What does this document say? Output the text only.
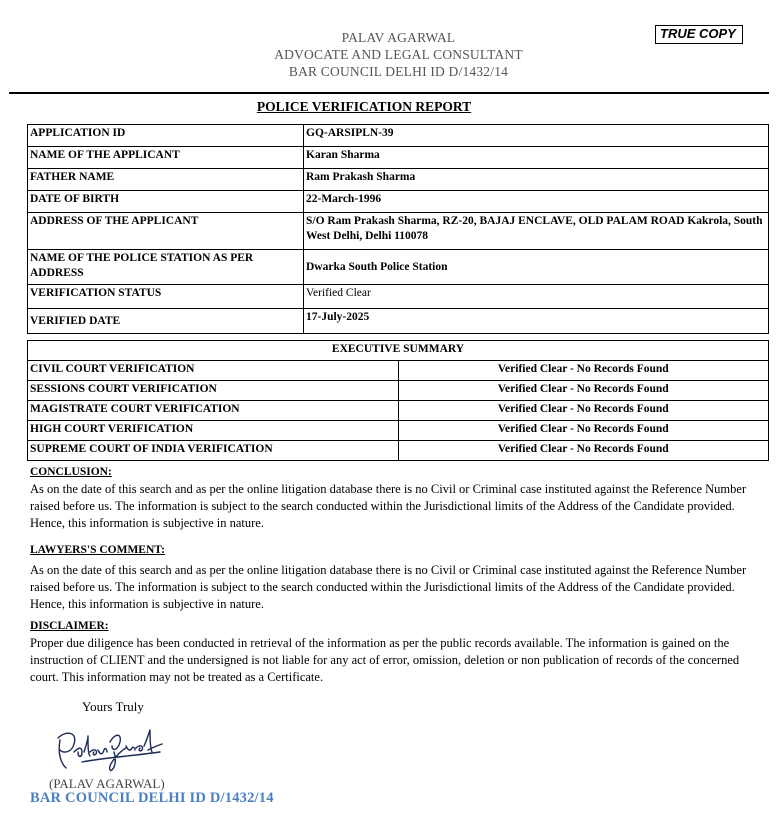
PALAV AGARWAL
ADVOCATE AND LEGAL CONSULTANT
BAR COUNCIL DELHI ID D/1432/14
TRUE COPY
POLICE VERIFICATION REPORT
APPLICATION ID	GQ-ARSIPLN-39
NAME OF THE APPLICANT	Karan Sharma
FATHER NAME	Ram Prakash Sharma
DATE OF BIRTH	22-March-1996
ADDRESS OF THE APPLICANT	S/O Ram Prakash Sharma, RZ-20, BAJAJ ENCLAVE, OLD PALAM ROAD Kakrola, South West Delhi, Delhi 110078
NAME OF THE POLICE STATION AS PER ADDRESS	Dwarka South Police Station
VERIFICATION STATUS	Verified Clear
VERIFIED DATE	17-July-2025
EXECUTIVE SUMMARY	
CIVIL COURT VERIFICATION	Verified Clear - No Records Found
SESSIONS COURT VERIFICATION	Verified Clear - No Records Found
MAGISTRATE COURT VERIFICATION	Verified Clear - No Records Found
HIGH COURT VERIFICATION	Verified Clear - No Records Found
SUPREME COURT OF INDIA VERIFICATION	Verified Clear - No Records Found
CONCLUSION:

As on the date of this search and as per the online litigation database there is no Civil or Criminal case instituted against the Reference Number raised before us. The information is subject to the search conducted within the Jurisdictional limits of the Address of the Candidate provided. Hence, this information is subjective in nature.

LAWYERS'S COMMENT:

As on the date of this search and as per the online litigation database there is no Civil or Criminal case instituted against the Reference Number raised before us. The information is subject to the search conducted within the Jurisdictional limits of the Address of the Candidate provided. Hence, this information is subjective in nature.

DISCLAIMER:

Proper due diligence has been conducted in retrieval of the information as per the public records available. The information is gained on the instruction of CLIENT and the undersigned is not liable for any act of error, omission, deletion or non publication of records of the concerned court. This information may not be treated as a Certificate.

Yours Truly
(PALAV AGARWAL)
BAR COUNCIL DELHI ID D/1432/14
